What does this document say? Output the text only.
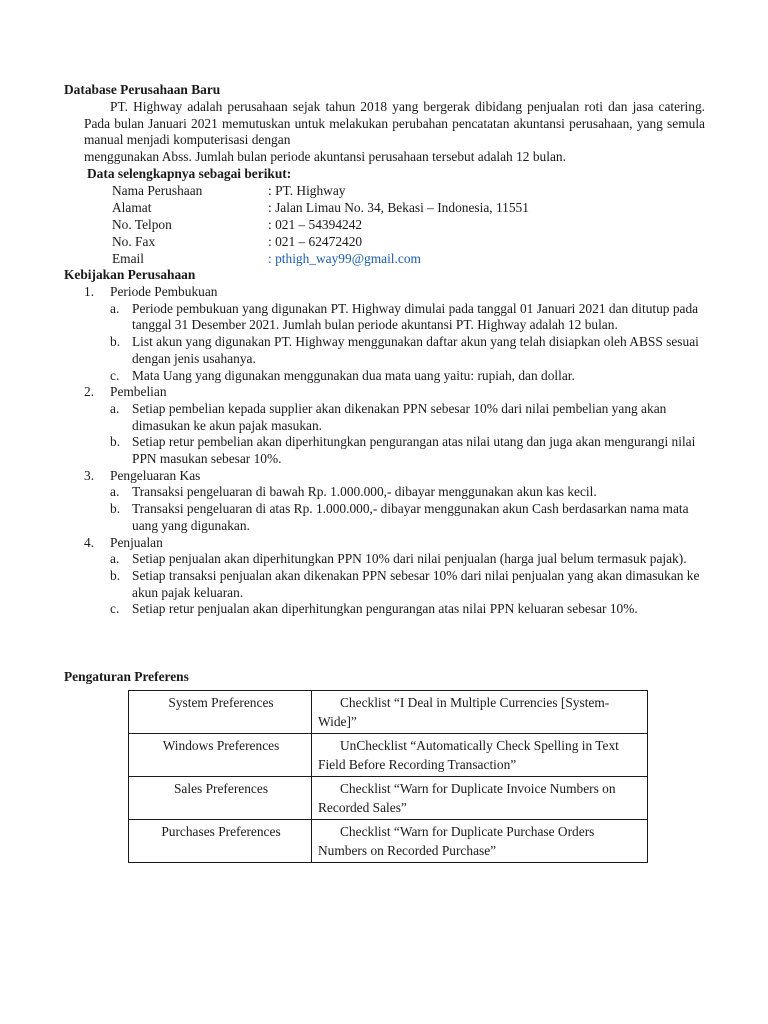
Database Perusahaan Baru

PT. Highway adalah perusahaan sejak tahun 2018 yang bergerak dibidang penjualan roti dan jasa catering. Pada bulan Januari 2021 memutuskan untuk melakukan perubahan pencatatan akuntansi perusahaan, yang semula manual menjadi komputerisasi dengan

menggunakan Abss. Jumlah bulan periode akuntansi perusahaan tersebut adalah 12 bulan.

Data selengkapnya sebagai berikut:
Nama Perushaan	: PT. Highway
Alamat	: Jalan Limau No. 34, Bekasi – Indonesia, 11551
No. Telpon	: 021 – 54394242
No. Fax	: 021 – 62472420
Email	: pthigh_way99@gmail.com
Kebijakan Perusahaan
1.	Periode Pembukuan
a. Periode pembukuan yang digunakan PT. Highway dimulai pada tanggal 01 Januari 2021 dan ditutup pada tanggal 31 Desember 2021. Jumlah bulan periode akuntansi PT. Highway adalah 12 bulan.
b. List akun yang digunakan PT. Highway menggunakan daftar akun yang telah disiapkan oleh ABSS sesuai dengan jenis usahanya.
c. Mata Uang yang digunakan menggunakan dua mata uang yaitu: rupiah, dan dollar.
2.	Pembelian
a. Setiap pembelian kepada supplier akan dikenakan PPN sebesar 10% dari nilai pembelian yang akan dimasukan ke akun pajak masukan.
b. Setiap retur pembelian akan diperhitungkan pengurangan atas nilai utang dan juga akan mengurangi nilai PPN masukan sebesar 10%.
3.	Pengeluaran Kas
a. Transaksi pengeluaran di bawah Rp. 1.000.000,- dibayar menggunakan akun kas kecil.
b. Transaksi pengeluaran di atas Rp. 1.000.000,- dibayar menggunakan akun Cash berdasarkan nama mata uang yang digunakan.
4.	Penjualan
a. Setiap penjualan akan diperhitungkan PPN 10% dari nilai penjualan (harga jual belum termasuk pajak).
b. Setiap transaksi penjualan akan dikenakan PPN sebesar 10% dari nilai penjualan yang akan dimasukan ke akun pajak keluaran.
c. Setiap retur penjualan akan diperhitungkan pengurangan atas nilai PPN keluaran sebesar 10%.
Pengaturan Preferens
System Preferences	Checklist “I Deal in Multiple Currencies [System-Wide]”
Windows Preferences	UnChecklist “Automatically Check Spelling in Text Field Before Recording Transaction”
Sales Preferences	Checklist “Warn for Duplicate Invoice Numbers on Recorded Sales”
Purchases Preferences	Checklist “Warn for Duplicate Purchase Orders Numbers on Recorded Purchase”
